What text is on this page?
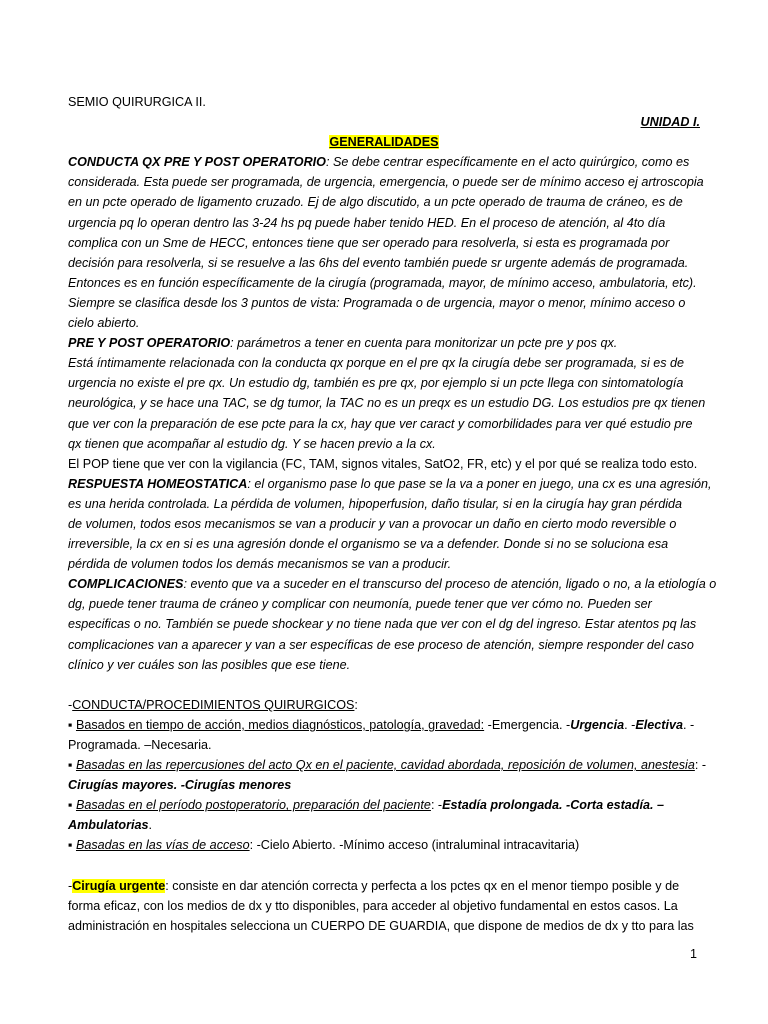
SEMIO QUIRURGICA II.
UNIDAD I.
GENERALIDADES
CONDUCTA QX PRE Y POST OPERATORIO: Se debe centrar específicamente en el acto quirúrgico, como es
considerada. Esta puede ser programada, de urgencia, emergencia, o puede ser de mínimo acceso ej artroscopia
en un pcte operado de ligamento cruzado. Ej de algo discutido, a un pcte operado de trauma de cráneo, es de
urgencia pq lo operan dentro las 3-24 hs pq puede haber tenido HED. En el proceso de atención, al 4to día
complica con un Sme de HECC, entonces tiene que ser operado para resolverla, si esta es programada por
decisión para resolverla, si se resuelve a las 6hs del evento también puede sr urgente además de programada.
Entonces es en función específicamente de la cirugía (programada, mayor, de mínimo acceso, ambulatoria, etc).
Siempre se clasifica desde los 3 puntos de vista: Programada o de urgencia, mayor o menor, mínimo acceso o
cielo abierto.
PRE Y POST OPERATORIO: parámetros a tener en cuenta para monitorizar un pcte pre y pos qx.
Está íntimamente relacionada con la conducta qx porque en el pre qx la cirugía debe ser programada, si es de
urgencia no existe el pre qx. Un estudio dg, también es pre qx, por ejemplo si un pcte llega con sintomatología
neurológica, y se hace una TAC, se dg tumor, la TAC no es un preqx es un estudio DG. Los estudios pre qx tienen
que ver con la preparación de ese pcte para la cx, hay que ver caract y comorbilidades para ver qué estudio pre
qx tienen que acompañar al estudio dg. Y se hacen previo a la cx.
El POP tiene que ver con la vigilancia (FC, TAM, signos vitales, SatO2, FR, etc) y el por qué se realiza todo esto.
RESPUESTA HOMEOSTATICA: el organismo pase lo que pase se la va a poner en juego, una cx es una agresión,
es una herida controlada. La pérdida de volumen, hipoperfusion, daño tisular, si en la cirugía hay gran pérdida
de volumen, todos esos mecanismos se van a producir y van a provocar un daño en cierto modo reversible o
irreversible, la cx en si es una agresión donde el organismo se va a defender. Donde si no se soluciona esa
pérdida de volumen todos los demás mecanismos se van a producir.
COMPLICACIONES: evento que va a suceder en el transcurso del proceso de atención, ligado o no, a la etiología o
dg, puede tener trauma de cráneo y complicar con neumonía, puede tener que ver cómo no. Pueden ser
especificas o no. También se puede shockear y no tiene nada que ver con el dg del ingreso. Estar atentos pq las
complicaciones van a aparecer y van a ser específicas de ese proceso de atención, siempre responder del caso
clínico y ver cuáles son las posibles que ese tiene.
-CONDUCTA/PROCEDIMIENTOS QUIRURGICOS:
▪ Basados en tiempo de acción, medios diagnósticos, patología, gravedad: -Emergencia. -Urgencia. -Electiva. -
Programada. –Necesaria.
▪ Basadas en las repercusiones del acto Qx en el paciente, cavidad abordada, reposición de volumen, anestesia: -
Cirugías mayores. -Cirugías menores
▪ Basadas en el período postoperatorio, preparación del paciente: -Estadía prolongada. -Corta estadía. –
Ambulatorias.
▪ Basadas en las vías de acceso: -Cielo Abierto. -Mínimo acceso (intraluminal intracavitaria)
-Cirugía urgente: consiste en dar atención correcta y perfecta a los pctes qx en el menor tiempo posible y de
forma eficaz, con los medios de dx y tto disponibles, para acceder al objetivo fundamental en estos casos. La
administración en hospitales selecciona un CUERPO DE GUARDIA, que dispone de medios de dx y tto para las
1
